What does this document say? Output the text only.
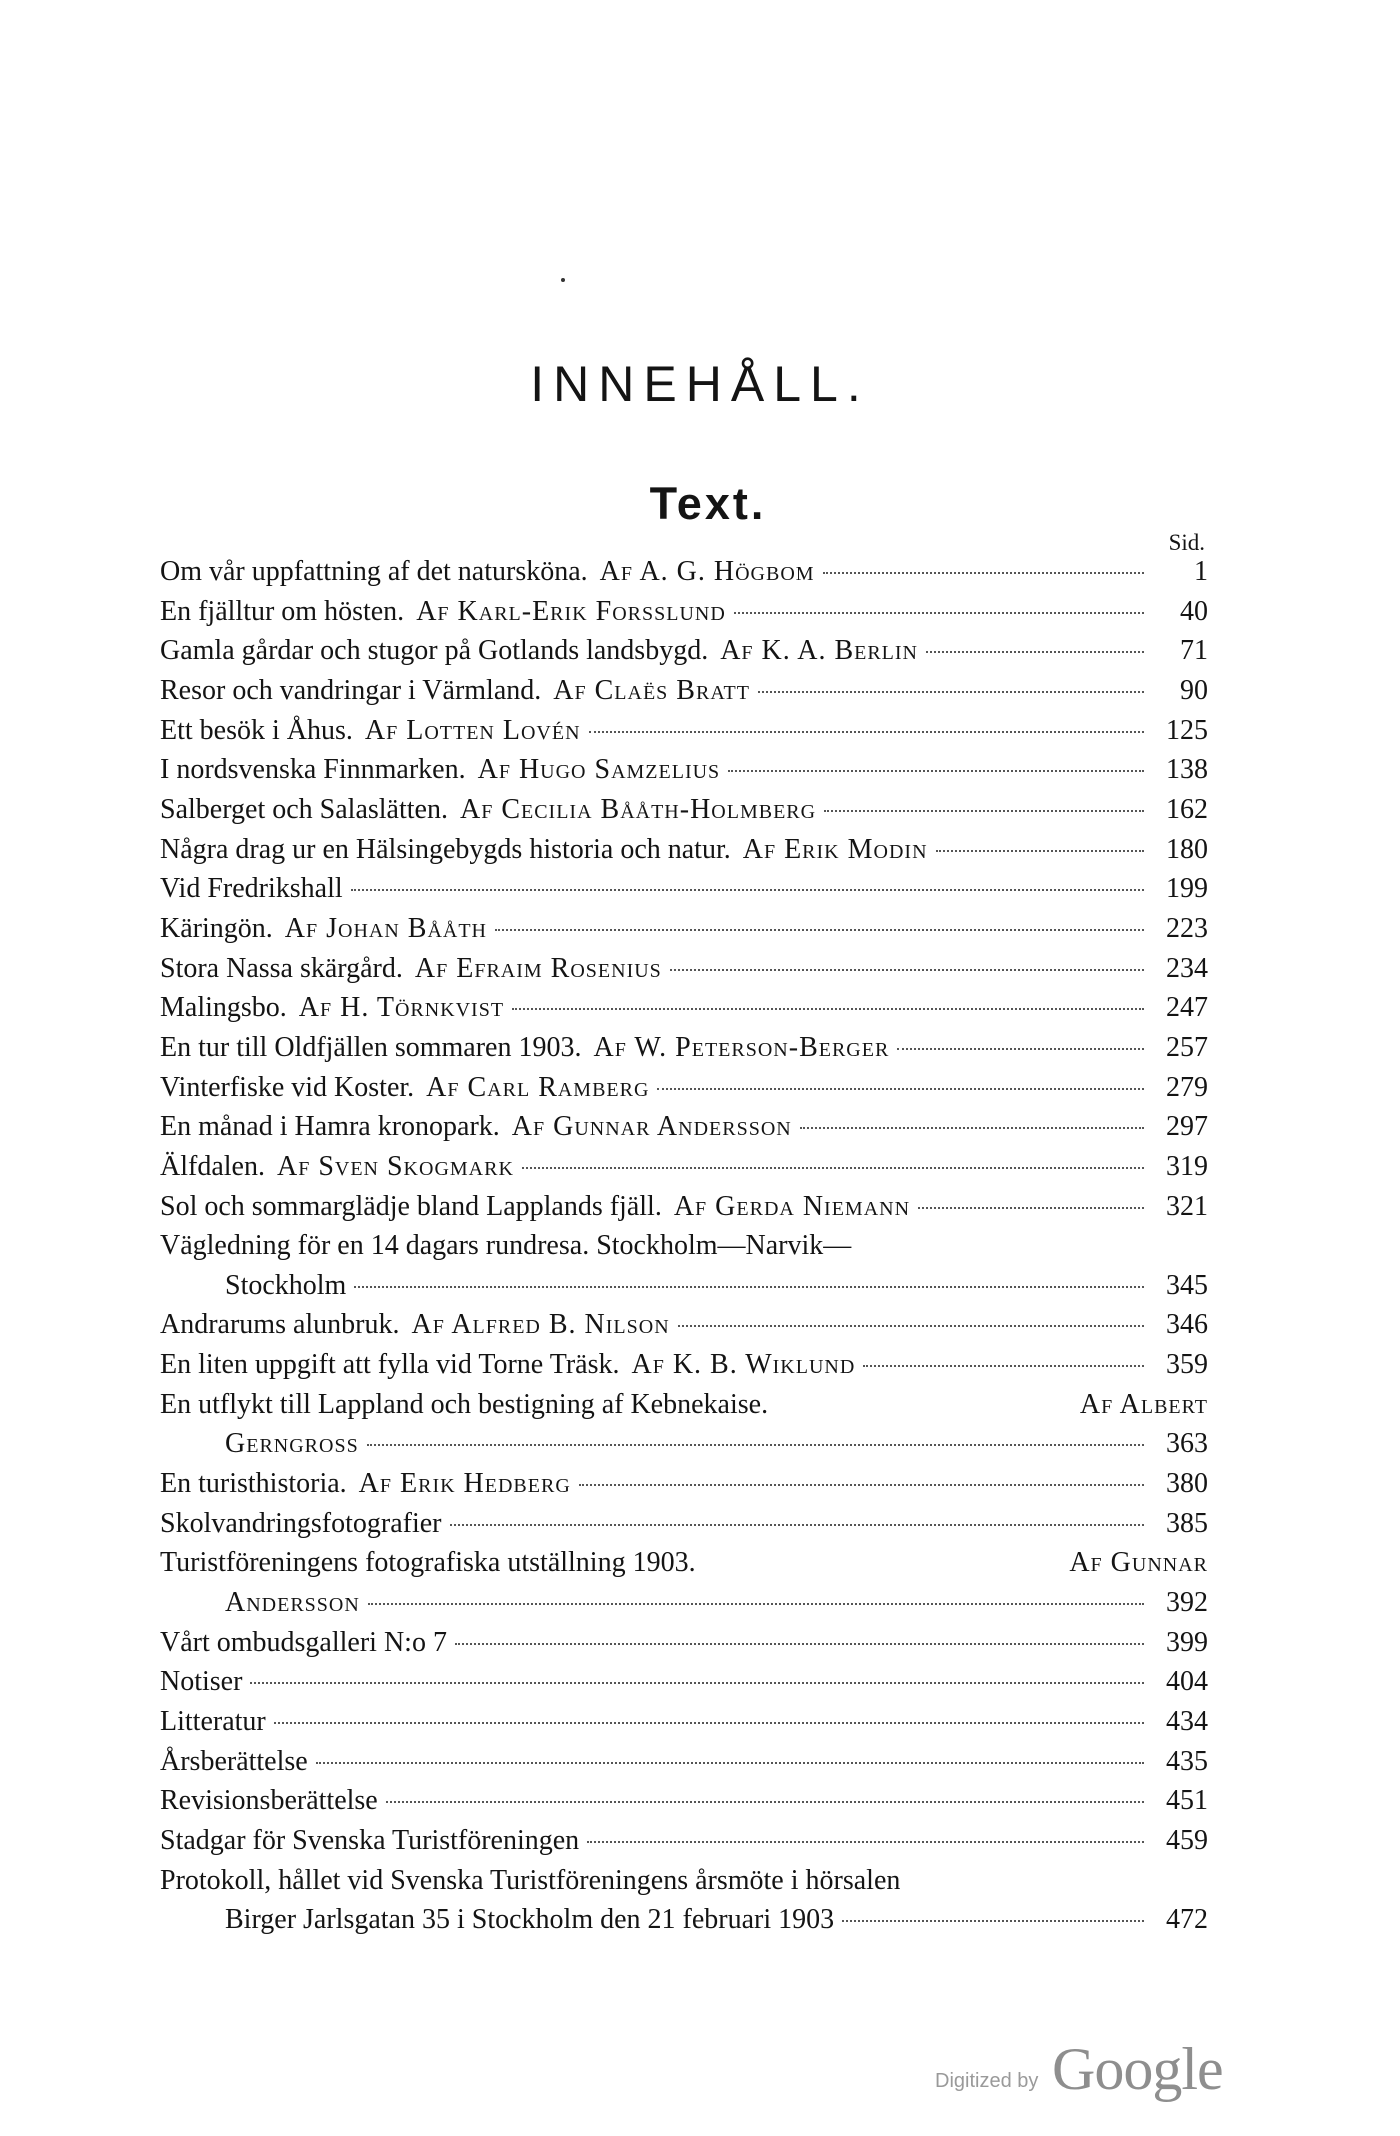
INNEHÅLL.
Text.
Sid.
Om vår uppfattning af det natursköna. Af A. G. Högbom	1
En fjälltur om hösten. Af Karl-Erik Forsslund	40
Gamla gårdar och stugor på Gotlands landsbygd. Af K. A. Berlin	71
Resor och vandringar i Värmland. Af Claës Bratt	90
Ett besök i Åhus. Af Lotten Lovén	125
I nordsvenska Finnmarken. Af Hugo Samzelius	138
Salberget och Salaslätten. Af Cecilia Bååth-Holmberg	162
Några drag ur en Hälsingebygds historia och natur. Af Erik Modin	180
Vid Fredrikshall	199
Käringön. Af Johan Bååth	223
Stora Nassa skärgård. Af Efraim Rosenius	234
Malingsbo. Af H. Törnkvist	247
En tur till Oldfjällen sommaren 1903. Af W. Peterson-Berger	257
Vinterfiske vid Koster. Af Carl Ramberg	279
En månad i Hamra kronopark. Af Gunnar Andersson	297
Älfdalen. Af Sven Skogmark	319
Sol och sommarglädje bland Lapplands fjäll. Af Gerda Niemann	321
Vägledning för en 14 dagars rundresa. Stockholm—Narvik—
Stockholm	345
Andrarums alunbruk. Af Alfred B. Nilson	346
En liten uppgift att fylla vid Torne Träsk. Af K. B. Wiklund	359
En utflykt till Lappland och bestigning af Kebnekaise.	Af Albert
Gerngross	363
En turisthistoria. Af Erik Hedberg	380
Skolvandringsfotografier	385
Turistföreningens fotografiska utställning 1903.	Af Gunnar
Andersson	392
Vårt ombudsgalleri N:o 7	399
Notiser	404
Litteratur	434
Årsberättelse	435
Revisionsberättelse	451
Stadgar för Svenska Turistföreningen	459
Protokoll, hållet vid Svenska Turistföreningens årsmöte i hörsalen
Birger Jarlsgatan 35 i Stockholm den 21 februari 1903	472
Digitized by Google
